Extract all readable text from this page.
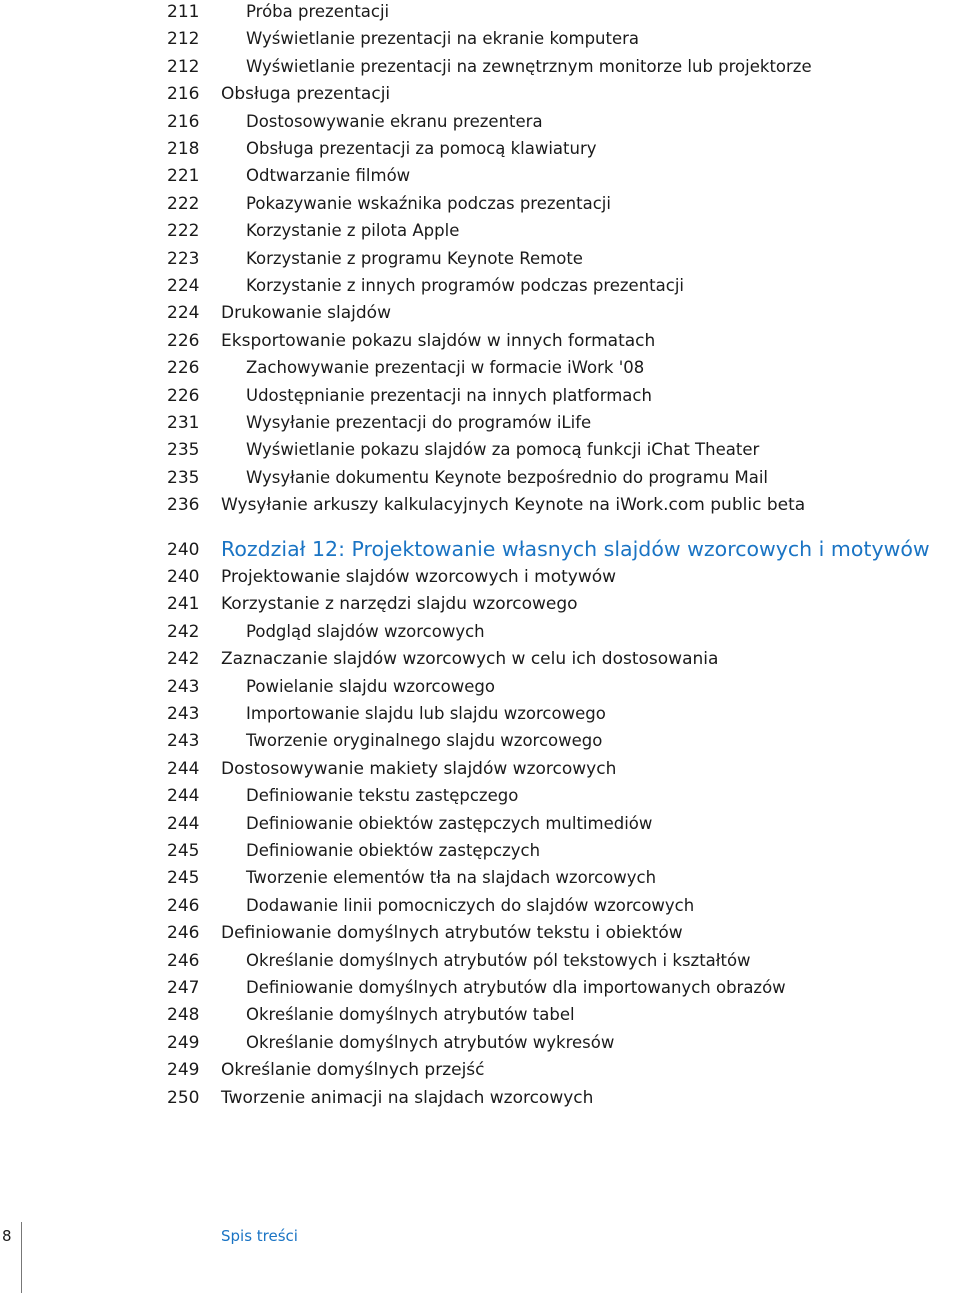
211	Próba prezentacji
212	Wyświetlanie prezentacji na ekranie komputera
212	Wyświetlanie prezentacji na zewnętrznym monitorze lub projektorze
216 Obsługa prezentacji
216	Dostosowywanie ekranu prezentera
218	Obsługa prezentacji za pomocą klawiatury
221	Odtwarzanie filmów
222	Pokazywanie wskaźnika podczas prezentacji
222	Korzystanie z pilota Apple
223	Korzystanie z programu Keynote Remote
224	Korzystanie z innych programów podczas prezentacji
224 Drukowanie slajdów
226 Eksportowanie pokazu slajdów w innych formatach
226	Zachowywanie prezentacji w formacie iWork '08
226	Udostępnianie prezentacji na innych platformach
231	Wysyłanie prezentacji do programów iLife
235	Wyświetlanie pokazu slajdów za pomocą funkcji iChat Theater
235	Wysyłanie dokumentu Keynote bezpośrednio do programu Mail
236 Wysyłanie arkuszy kalkulacyjnych Keynote na iWork.com public beta
240 Rozdział 12: Projektowanie własnych slajdów wzorcowych i motywów
240 Projektowanie slajdów wzorcowych i motywów
241 Korzystanie z narzędzi slajdu wzorcowego
242	Podgląd slajdów wzorcowych
242 Zaznaczanie slajdów wzorcowych w celu ich dostosowania
243	Powielanie slajdu wzorcowego
243	Importowanie slajdu lub slajdu wzorcowego
243	Tworzenie oryginalnego slajdu wzorcowego
244 Dostosowywanie makiety slajdów wzorcowych
244	Definiowanie tekstu zastępczego
244	Definiowanie obiektów zastępczych multimediów
245	Definiowanie obiektów zastępczych
245	Tworzenie elementów tła na slajdach wzorcowych
246	Dodawanie linii pomocniczych do slajdów wzorcowych
246 Definiowanie domyślnych atrybutów tekstu i obiektów
246	Określanie domyślnych atrybutów pól tekstowych i kształtów
247	Definiowanie domyślnych atrybutów dla importowanych obrazów
248	Określanie domyślnych atrybutów tabel
249	Określanie domyślnych atrybutów wykresów
249 Określanie domyślnych przejść
250 Tworzenie animacji na slajdach wzorcowych
8	Spis treści
